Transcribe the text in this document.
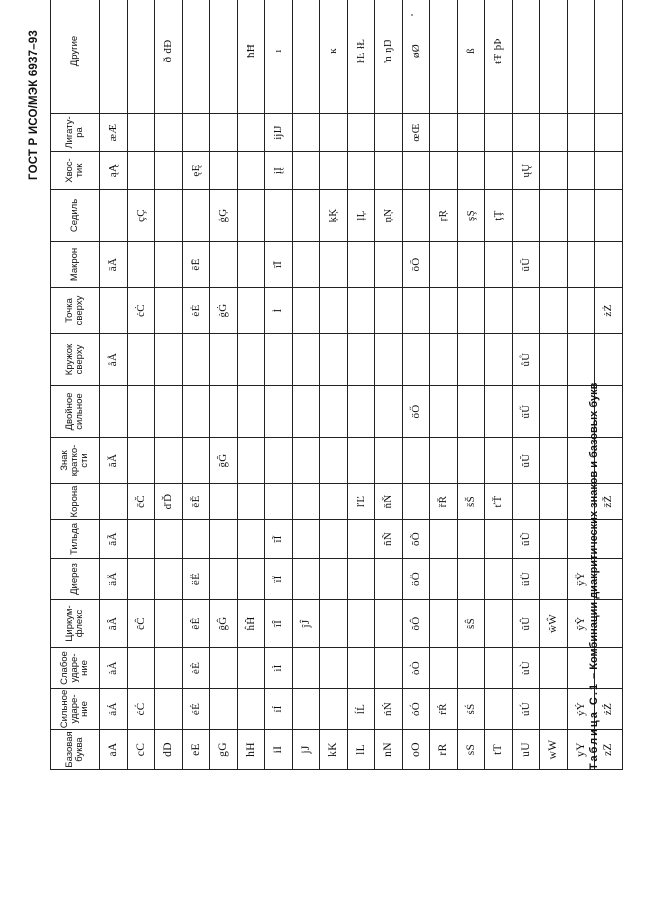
ГОСТ Р ИСО/МЭК 6937–93
Базовая буква	Сильное ударе-ние	Слабое ударе-ние	Циркум-флекс	Диерез	Тильда	Корона	Знак кратко-сти	Двойное сильное	Кружок сверху	Точка сверху	Макрон	Седиль	Хвос-тик	Лигату-ра	Другие
aA	áÁ	àÀ	âÂ	äÄ	ãÃ		ăĂ		åÅ		āĀ		ąĄ	æÆ	
cC	ćĆ		ĉĈ			čČ				ċĊ		çÇ			
dD						ďĎ									ð đĐ
eE	éÉ	èÈ	êÊ	ëË		ěĚ				ėĖ	ēĒ		ęĘ		
gG			ĝĜ				ğĞ			ġĠ		ģĢ			
hH			ĥĤ												ħĦ
iI	íÍ	ìÌ	îÎ	ïÏ	ĩĨ					İ	īĪ		įĮ	ĳĲ	ı
jJ			ĵĴ												
kK												ķĶ			ĸ
lL	ĺĹ					ľĽ						ļĻ			ŀĿ łŁ
nN	ńŃ				ñÑ	ňŇ						ņŅ			ŉ ŋŊ
oO	óÓ	òÒ	ôÔ	öÖ	õÕ			őŐ			ōŌ			œŒ	øØ
rR	ŕŔ					řŘ						ŗŖ			
sS	śŚ		ŝŜ			šŠ						şŞ			ß
tT						ťŤ						ţŢ			ŧŦ þÞ
uU	úÚ	ùÙ	ûÛ	üÜ	ũŨ		ŭŬ	űŰ	ůŮ		ūŪ		ųŲ		
wW			ŵŴ												
yY	ýÝ		ŷŶ	ÿŸ											
zZ	źŹ					žŽ				żŻ					
Таблица С.1 – Комбинации диакритических знаков и базовых букв
